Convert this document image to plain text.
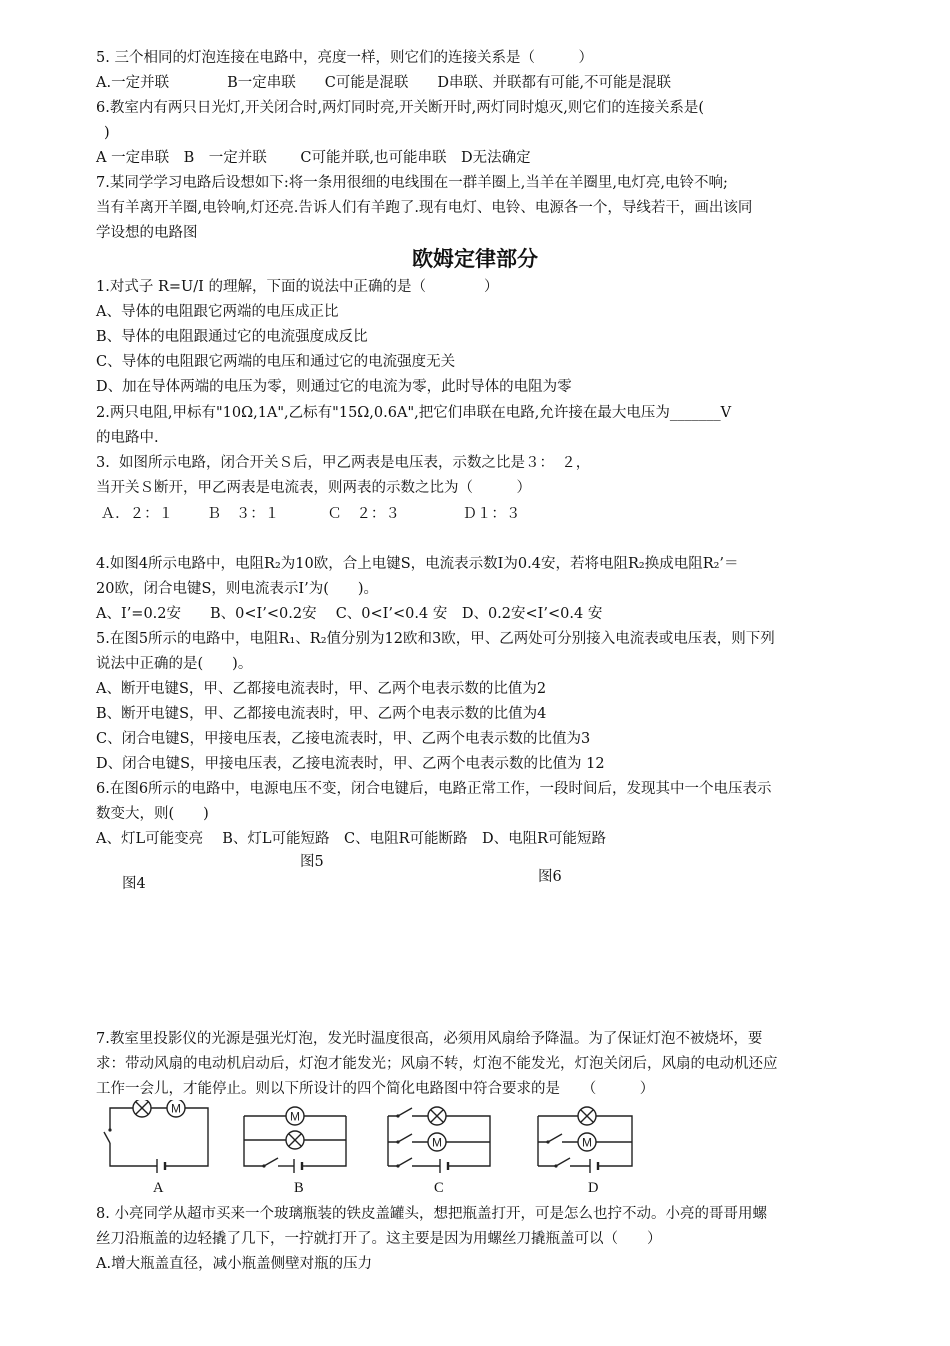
5. 三个相同的灯泡连接在电路中，亮度一样，则它们的连接关系是（　　　）
A.一定并联　　　　B一定串联　　C可能是混联　　D串联、并联都有可能,不可能是混联
6.教室内有两只日光灯,开关闭合时,两灯同时亮,开关断开时,两灯同时熄灭,则它们的连接关系是(
)
A 一定串联　B　一定并联　　 C可能并联,也可能串联　D无法确定
7.某同学学习电路后设想如下:将一条用很细的电线围在一群羊圈上,当羊在羊圈里,电灯亮,电铃不响;
当有羊离开羊圈,电铃响,灯还亮.告诉人们有羊跑了.现有电灯、电铃、电源各一个，导线若干，画出该同
学设想的电路图
欧姆定律部分
1.对式子 R=U/I 的理解，下面的说法中正确的是（　　　　）
A、导体的电阻跟它两端的电压成正比
B、导体的电阻跟通过它的电流强度成反比
C、导体的电阻跟它两端的电压和通过它的电流强度无关
D、加在导体两端的电压为零，则通过它的电流为零，此时导体的电阻为零
2.两只电阻,甲标有"10Ω,1A",乙标有"15Ω,0.6A",把它们串联在电路,允许接在最大电压为_______V
的电路中.
3.  如图所示电路，闭合开关Ｓ后，甲乙两表是电压表，示数之比是３：　２，
当开关Ｓ断开，甲乙两表是电流表，则两表的示数之比为（　　　）
Ａ．２：１　　 Ｂ　３：１　　　 Ｃ　２：３　　　　 Ｄ１：３
4.如图4所示电路中，电阻R₂为10欧，合上电键S，电流表示数I为0.4安，若将电阻R₂换成电阻R₂’＝
20欧，闭合电键S，则电流表示I’为(　　)。
A、I’=0.2安　　B、0<I’<0.2安　 C、0<I’<0.4 安　D、0.2安<I’<0.4 安
5.在图5所示的电路中，电阻R₁、R₂值分别为12欧和3欧，甲、乙两处可分别接入电流表或电压表，则下列
说法中正确的是(　　)。
A、断开电键S，甲、乙都接电流表时，甲、乙两个电表示数的比值为2
B、断开电键S，甲、乙都接电流表时，甲、乙两个电表示数的比值为4
C、闭合电键S，甲接电压表，乙接电流表时，甲、乙两个电表示数的比值为3
D、闭合电键S，甲接电压表，乙接电流表时，甲、乙两个电表示数的比值为 12
6.在图6所示的电路中，电源电压不变，闭合电键后，电路正常工作，一段时间后，发现其中一个电压表示
数变大，则(　　)
A、灯L可能变亮　 B、灯L可能短路　C、电阻R可能断路　D、电阻R可能短路
图5
图4	图6
7.教室里投影仪的光源是强光灯泡，发光时温度很高，必须用风扇给予降温。为了保证灯泡不被烧坏，要
求：带动风扇的电动机启动后，灯泡才能发光；风扇不转，灯泡不能发光，灯泡关闭后，风扇的电动机还应
工作一会儿，才能停止。则以下所设计的四个简化电路图中符合要求的是　　（　　　）
M
M
M	M
A	B	C	D
8. 小亮同学从超市买来一个玻璃瓶装的铁皮盖罐头，想把瓶盖打开，可是怎么也拧不动。小亮的哥哥用螺
丝刀沿瓶盖的边轻撬了几下，一拧就打开了。这主要是因为用螺丝刀撬瓶盖可以（　　）
A.增大瓶盖直径，减小瓶盖侧壁对瓶的压力
